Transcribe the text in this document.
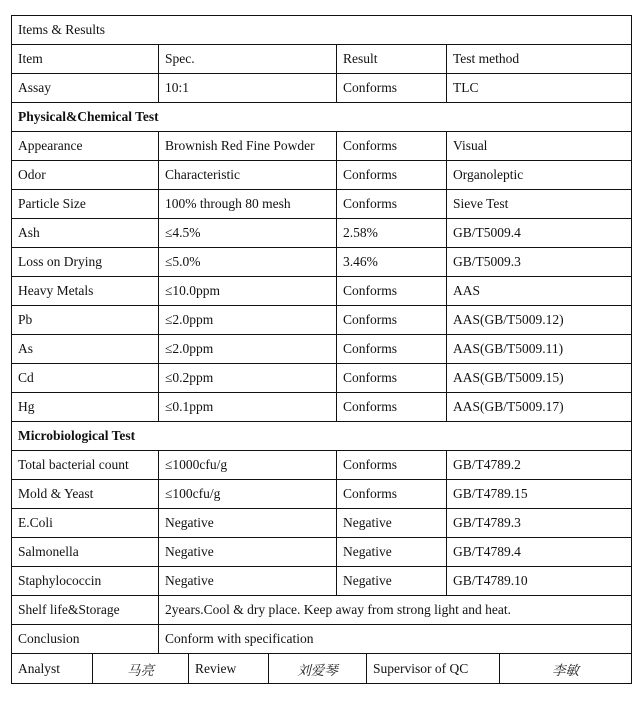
Items & Results			
Item	Spec.	Result	Test method
Assay	10:1	Conforms	TLC
Physical&Chemical Test			
Appearance	Brownish Red Fine Powder	Conforms	Visual
Odor	Characteristic	Conforms	Organoleptic
Particle Size	100% through 80 mesh	Conforms	Sieve Test
Ash	≤4.5%	2.58%	GB/T5009.4
Loss on Drying	≤5.0%	3.46%	GB/T5009.3
Heavy Metals	≤10.0ppm	Conforms	AAS
Pb	≤2.0ppm	Conforms	AAS(GB/T5009.12)
As	≤2.0ppm	Conforms	AAS(GB/T5009.11)
Cd	≤0.2ppm	Conforms	AAS(GB/T5009.15)
Hg	≤0.1ppm	Conforms	AAS(GB/T5009.17)
Microbiological Test			
Total bacterial count	≤1000cfu/g	Conforms	GB/T4789.2
Mold & Yeast	≤100cfu/g	Conforms	GB/T4789.15
E.Coli	Negative	Negative	GB/T4789.3
Salmonella	Negative	Negative	GB/T4789.4
Staphylococcin	Negative	Negative	GB/T4789.10
Shelf life&Storage	2years.Cool & dry place. Keep away from strong light and heat.		
Conclusion	Conform with specification		
Analyst	马亮	Review	刘爱琴	Supervisor of QC	李敏
